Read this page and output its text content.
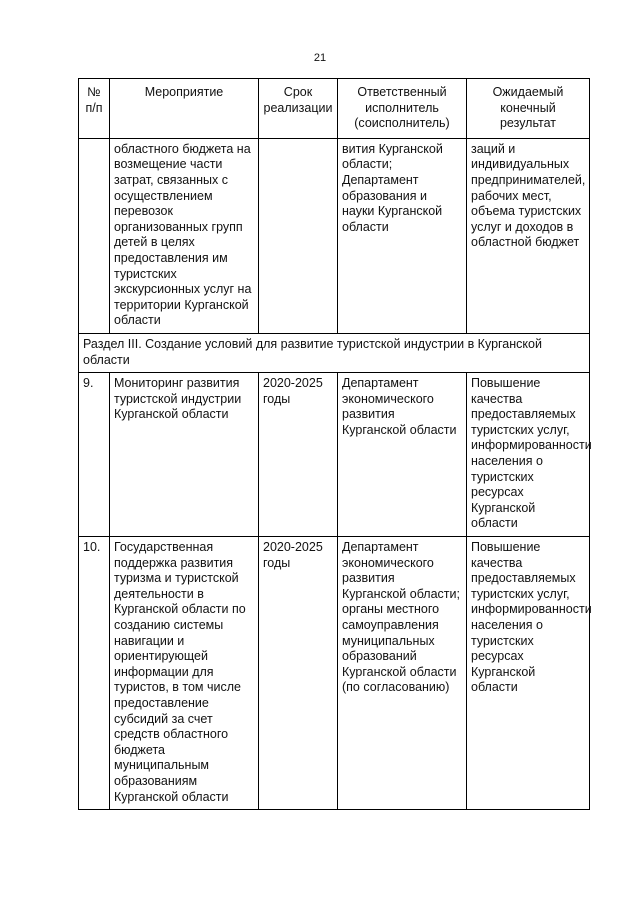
21
№ п/п	Мероприятие	Срок реализации	Ответственный исполнитель (соисполнитель)	Ожидаемый конечный результат
	областного бюджета на возмещение части затрат, связанных с осуществлением перевозок организованных групп детей в целях предоставления им туристских экскурсионных услуг на территории Курганской области		вития Курганской области; Департамент образования и науки Курганской области	заций и индивидуальных предпринимателей, рабочих мест, объема туристских услуг и доходов в областной бюджет
Раздел III. Создание условий для развитие туристской индустрии в Курганской области				
9.	Мониторинг развития туристской индустрии Курганской области	2020-2025 годы	Департамент экономического развития Курганской области	Повышение качества предоставляемых туристских услуг, информированности населения о туристских ресурсах Курганской области
10.	Государственная поддержка развития туризма и туристской деятельности в Курганской области по созданию системы навигации и ориентирующей информации для туристов, в том числе предоставление субсидий за счет средств областного бюджета муниципальным образованиям Курганской области	2020-2025 годы	Департамент экономического развития Курганской области; органы местного самоуправления муниципальных образований Курганской области (по согласованию)	Повышение качества предоставляемых туристских услуг, информированности населения о туристских ресурсах Курганской области
